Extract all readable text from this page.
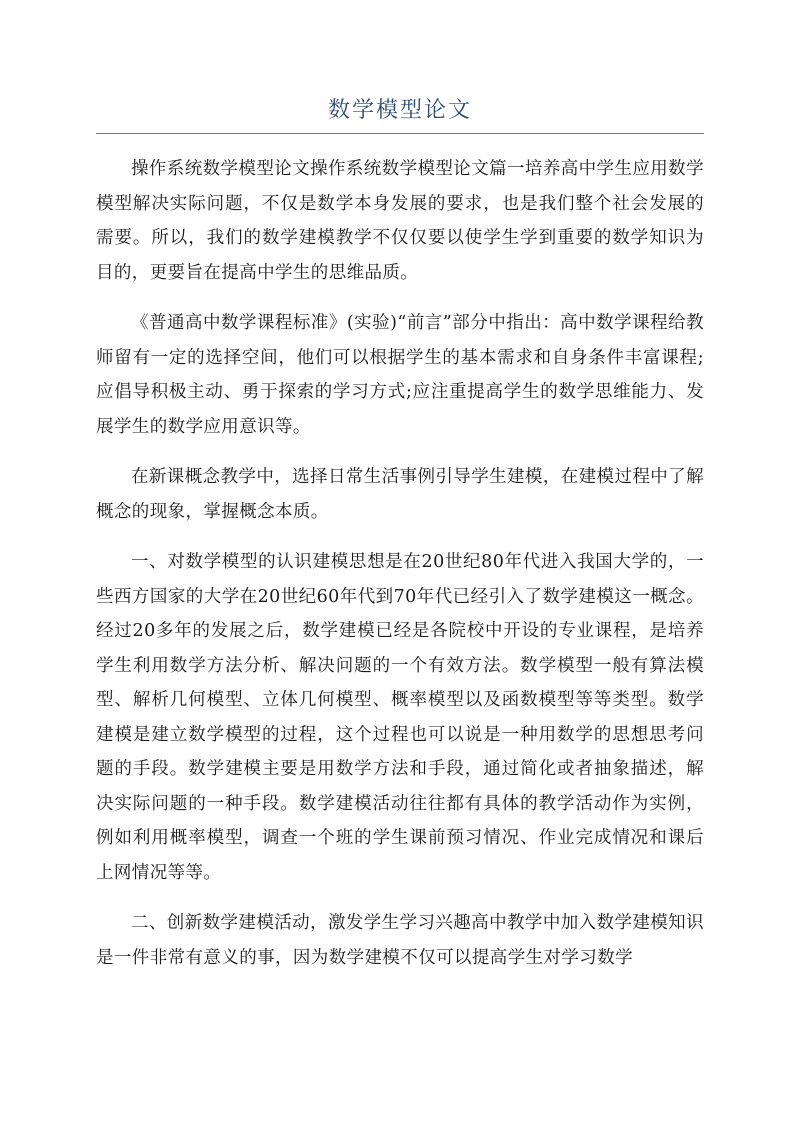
数学模型论文

操作系统数学模型论文操作系统数学模型论文篇一培养高中学生应用数学模型解决实际问题，不仅是数学本身发展的要求，也是我们整个社会发展的需要。所以，我们的数学建模教学不仅仅要以使学生学到重要的数学知识为目的，更要旨在提高中学生的思维品质。

《普通高中数学课程标准》(实验)“前言”部分中指出：高中数学课程给教师留有一定的选择空间，他们可以根据学生的基本需求和自身条件丰富课程;应倡导积极主动、勇于探索的学习方式;应注重提高学生的数学思维能力、发展学生的数学应用意识等。

在新课概念教学中，选择日常生活事例引导学生建模，在建模过程中了解概念的现象，掌握概念本质。

一、对数学模型的认识建模思想是在20世纪80年代进入我国大学的，一些西方国家的大学在20世纪60年代到70年代已经引入了数学建模这一概念。经过20多年的发展之后，数学建模已经是各院校中开设的专业课程，是培养学生利用数学方法分析、解决问题的一个有效方法。数学模型一般有算法模型、解析几何模型、立体几何模型、概率模型以及函数模型等等类型。数学建模是建立数学模型的过程，这个过程也可以说是一种用数学的思想思考问题的手段。数学建模主要是用数学方法和手段，通过简化或者抽象描述，解决实际问题的一种手段。数学建模活动往往都有具体的教学活动作为实例，例如利用概率模型，调查一个班的学生课前预习情况、作业完成情况和课后上网情况等等。

二、创新数学建模活动，激发学生学习兴趣高中教学中加入数学建模知识是一件非常有意义的事，因为数学建模不仅可以提高学生对学习数学
